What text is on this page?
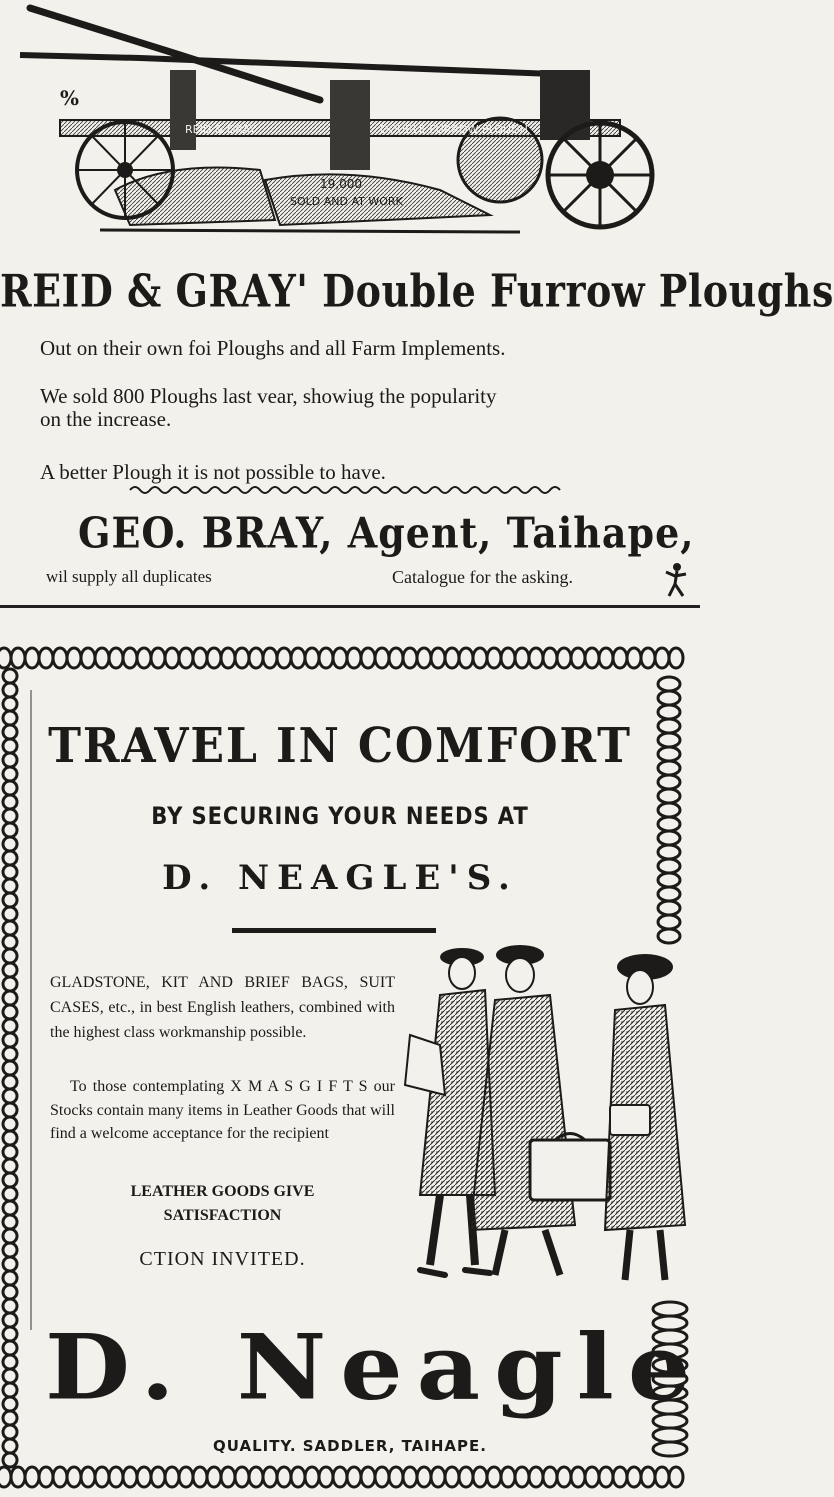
%
REID & GRAY	DOUBLE FURROW PLOUGH
19,000
SOLD AND AT WORK
REID & GRAY' Double Furrow Ploughs
Out on their own foi Ploughs and all Farm Implements.
We sold 800 Ploughs last vear, showiug the popularity
on the increase.
A better Plough it is not possible to have.
GEO. BRAY, Agent, Taihape,
wil supply all duplicates	Catalogue for the asking.
TRAVEL IN COMFORT
BY SECURING YOUR NEEDS AT
D. NEAGLE'S.
GLADSTONE, KIT AND BRIEF BAGS, SUIT CASES, etc., in best English leathers, combined with the highest class workmanship possible.
To those contemplating X M A S G I F T S our Stocks contain many items in Leather Goods that will find a welcome acceptance for the recipient
LEATHER GOODS GIVE
SATISFACTION
CTION INVITED.
D. Neagle
QUALITY. SADDLER, TAIHAPE.
